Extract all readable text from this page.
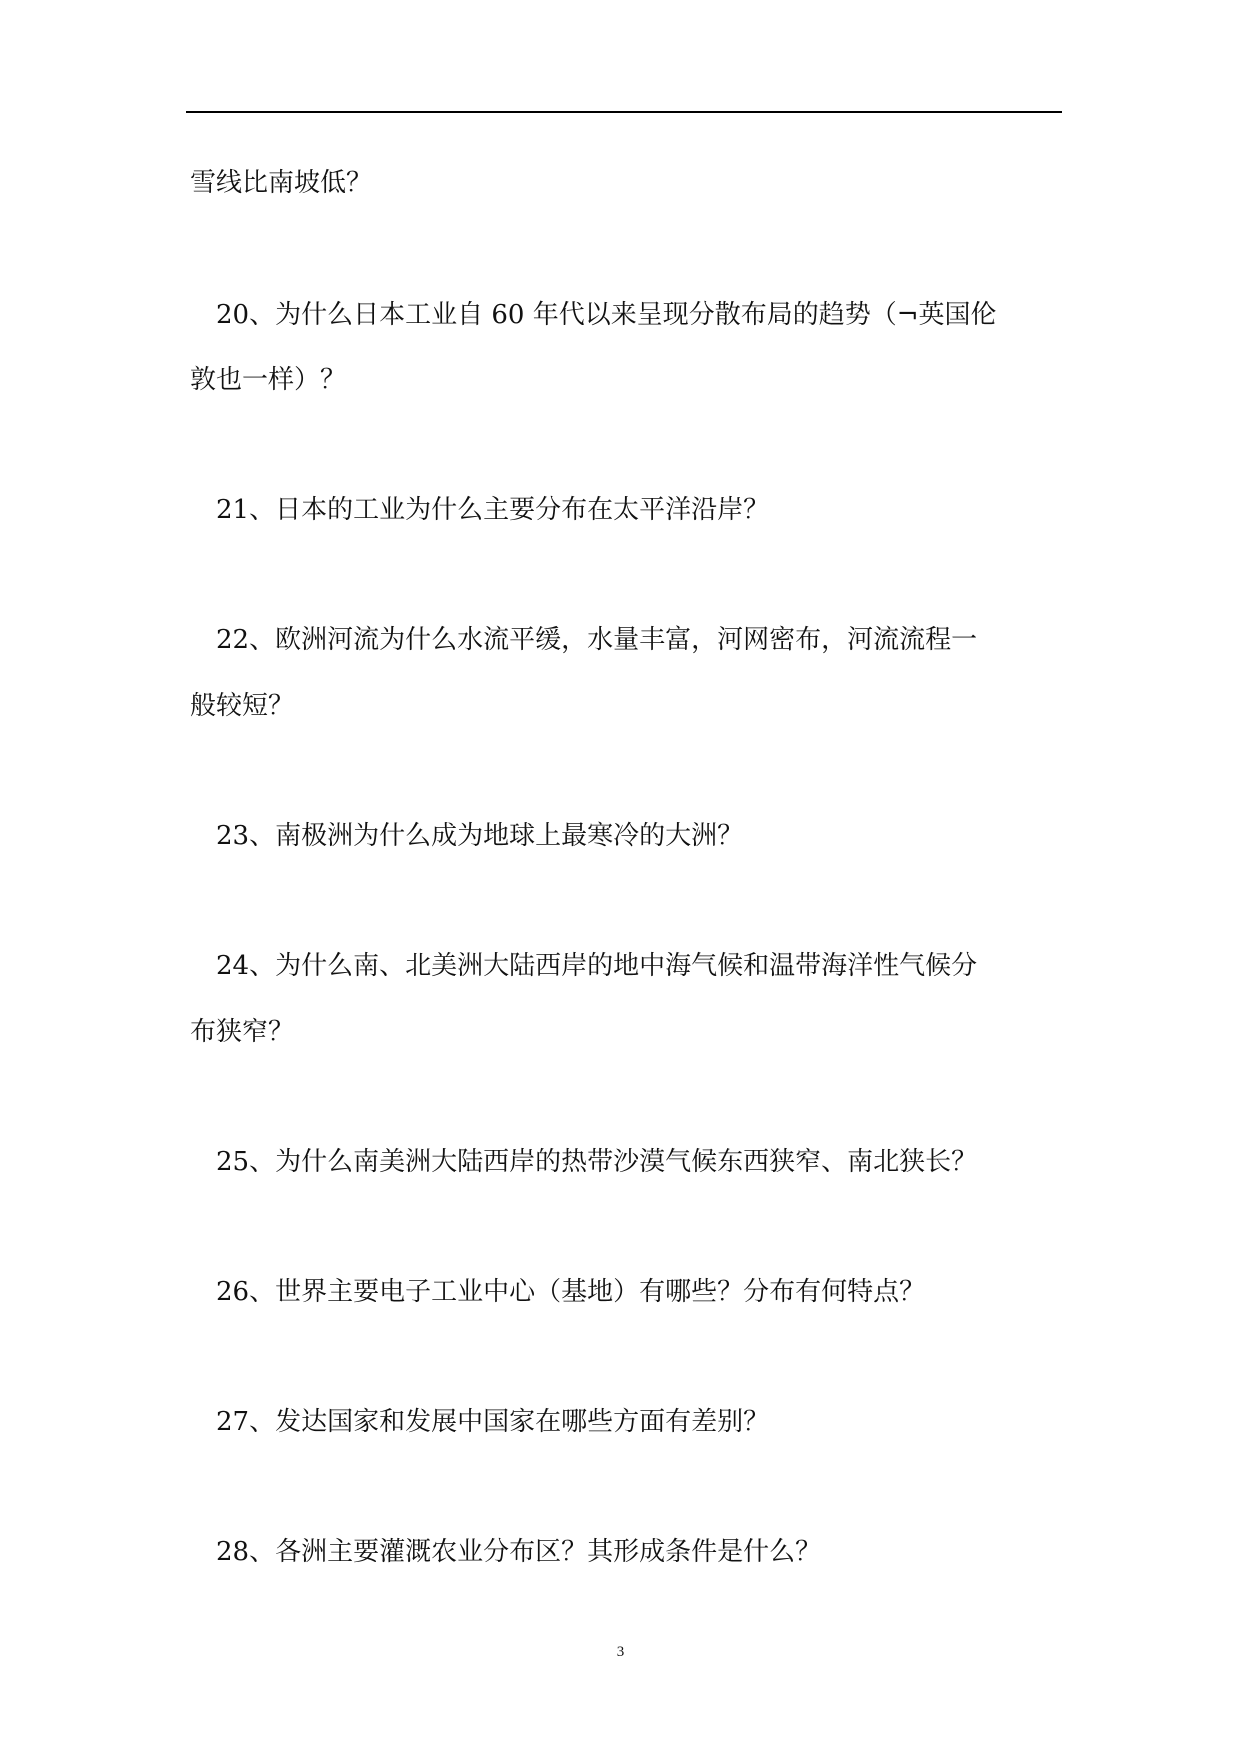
雪线比南坡低？
20、为什么日本工业自 60 年代以来呈现分散布局的趋势（¬英国伦
敦也一样）？
21、日本的工业为什么主要分布在太平洋沿岸？
22、欧洲河流为什么水流平缓，水量丰富，河网密布，河流流程一
般较短？
23、南极洲为什么成为地球上最寒冷的大洲？
24、为什么南、北美洲大陆西岸的地中海气候和温带海洋性气候分
布狭窄？
25、为什么南美洲大陆西岸的热带沙漠气候东西狭窄、南北狭长？
26、世界主要电子工业中心（基地）有哪些？分布有何特点？
27、发达国家和发展中国家在哪些方面有差别？
28、各洲主要灌溉农业分布区？其形成条件是什么？
3
